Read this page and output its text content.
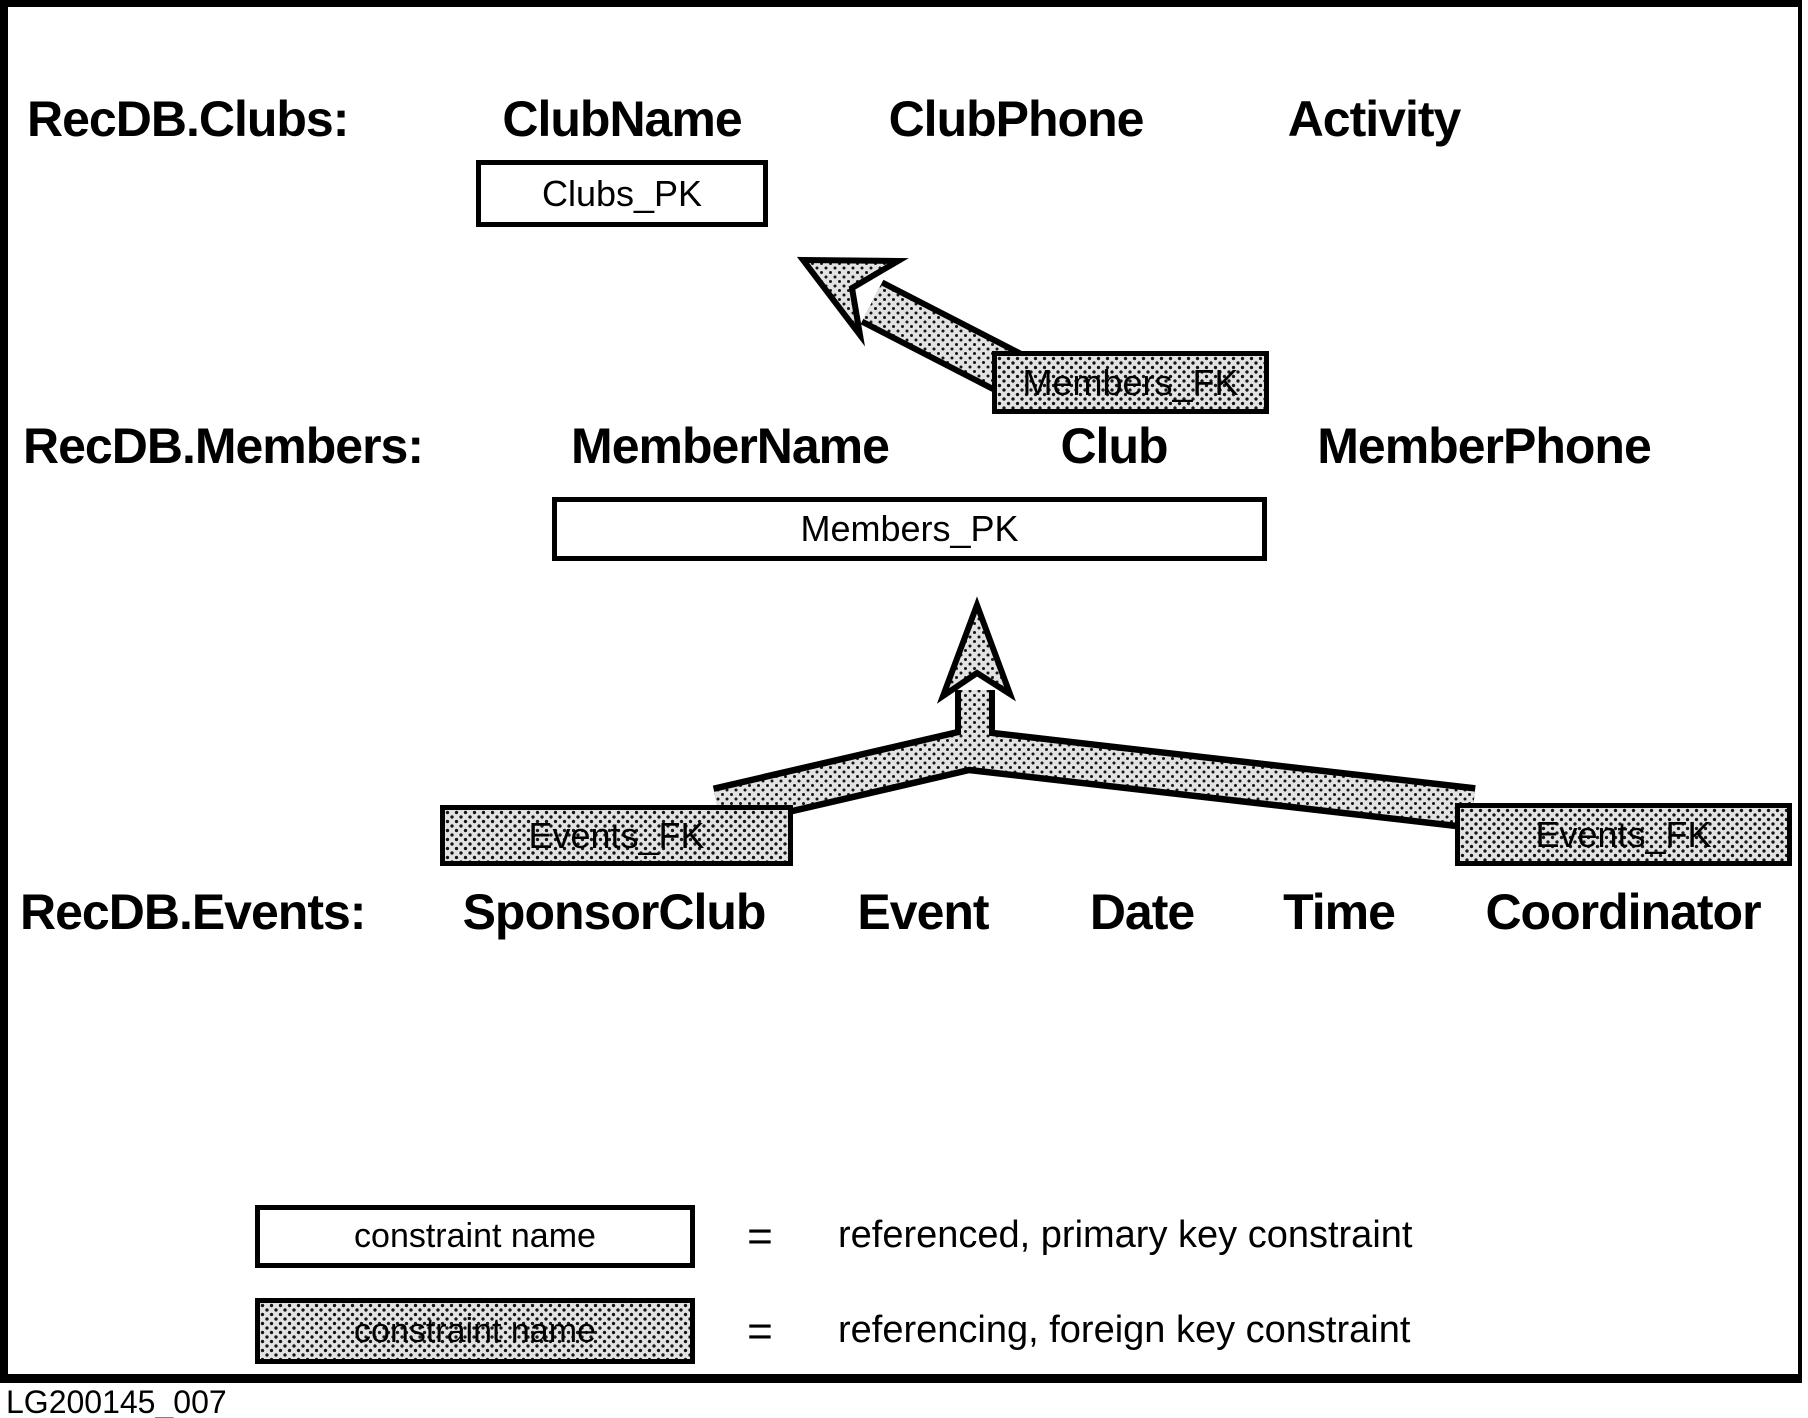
RecDB.Clubs:	ClubName	ClubPhone	Activity
Clubs_PK
Members_FK
RecDB.Members:	MemberName	Club	MemberPhone
Members_PK
Events_FK	Events_FK
RecDB.Events: SponsorClub Event Date Time Coordinator
constraint name	= referenced, primary key constraint
constraint name	= referencing, foreign key constraint
LG200145_007
